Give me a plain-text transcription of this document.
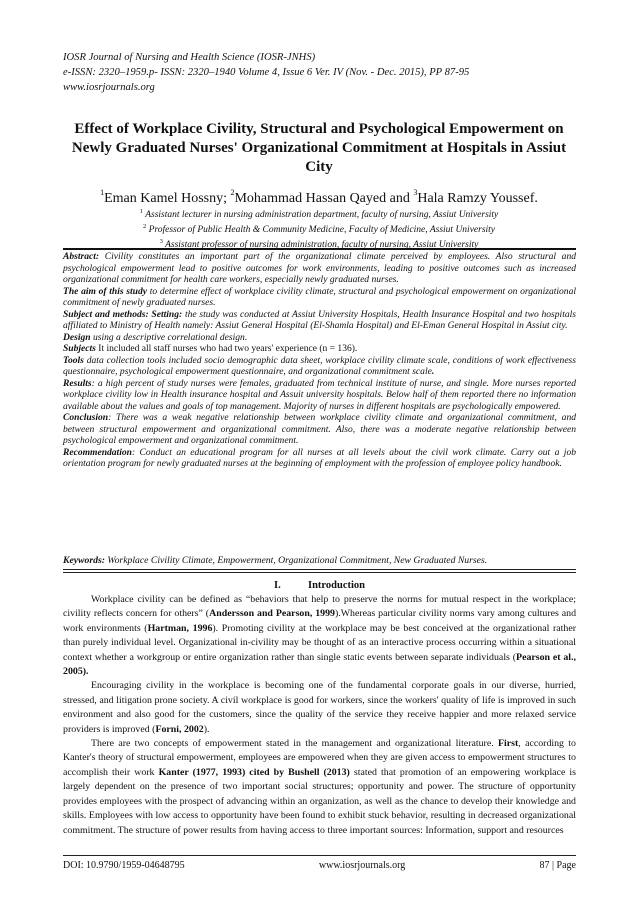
IOSR Journal of Nursing and Health Science (IOSR-JNHS)
e-ISSN: 2320–1959.p- ISSN: 2320–1940 Volume 4, Issue 6 Ver. IV (Nov. - Dec. 2015), PP 87-95
www.iosrjournals.org
Effect of Workplace Civility, Structural and Psychological Empowerment on Newly Graduated Nurses' Organizational Commitment at Hospitals in Assiut City
$^1$Eman Kamel Hossny; $^2$Mohammad Hassan Qayed and $^3$Hala Ramzy Youssef.
$^1$ Assistant lecturer in nursing administration department, faculty of nursing, Assiut University
$^2$ Professor of Public Health & Community Medicine, Faculty of Medicine, Assiut University
$^3$ Assistant professor of nursing administration, faculty of nursing, Assiut University

Abstract: Civility constitutes an important part of the organizational climate perceived by employees. Also structural and psychological empowerment lead to positive outcomes for work environments, leading to positive outcomes such as increased organizational commitment for health care workers, especially newly graduated nurses.

The aim of this study to determine effect of workplace civility climate, structural and psychological empowerment on organizational commitment of newly graduated nurses.

Subject and methods: Setting: the study was conducted at Assiut University Hospitals, Health Insurance Hospital and two hospitals affiliated to Ministry of Health namely: Assiut General Hospital (El-Shamla Hospital) and El-Eman General Hospital in Assiut city.

Design using a descriptive correlational design.

Subjects It included all staff nurses who had two years' experience (n = 136).

Tools data collection tools included socio demographic data sheet, workplace civility climate scale, conditions of work effectiveness questionnaire, psychological empowerment questionnaire, and organizational commitment scale.

Results: a high percent of study nurses were females, graduated from technical institute of nurse, and single. More nurses reported workplace civility low in Health insurance hospital and Assuit university hospitals. Below half of them reported there no information available about the values and goals of top management. Majority of nurses in different hospitals are psychologically empowered.

Conclusion: There was a weak negative relationship between workplace civility climate and organizational commitment, and between structural empowerment and organizational commitment. Also, there was a moderate negative relationship between psychological empowerment and organizational commitment.

Recommendation: Conduct an educational program for all nurses at all levels about the civil work climate. Carry out a job orientation program for newly graduated nurses at the beginning of employment with the profession of employee policy handbook.

Keywords: Workplace Civility Climate, Empowerment, Organizational Commitment, New Graduated Nurses.
I.	Introduction

Workplace civility can be defined as “behaviors that help to preserve the norms for mutual respect in the workplace; civility reflects concern for others” (Andersson and Pearson, 1999).Whereas particular civility norms vary among cultures and work environments (Hartman, 1996). Promoting civility at the workplace may be best conceived at the organizational rather than purely individual level. Organizational in-civility may be thought of as an interactive process occurring within a situational context whether a workgroup or entire organization rather than single static events between separate individuals (Pearson et al., 2005).

Encouraging civility in the workplace is becoming one of the fundamental corporate goals in our diverse, hurried, stressed, and litigation prone society. A civil workplace is good for workers, since the workers' quality of life is improved in such environment and also good for the customers, since the quality of the service they receive happier and more relaxed service providers is improved (Forni, 2002).

There are two concepts of empowerment stated in the management and organizational literature. First, according to Kanter's theory of structural empowerment, employees are empowered when they are given access to empowerment structures to accomplish their work Kanter (1977, 1993) cited by Bushell (2013) stated that promotion of an empowering workplace is largely dependent on the presence of two important social structures; opportunity and power. The structure of opportunity provides employees with the prospect of advancing within an organization, as well as the chance to develop their knowledge and skills. Employees with low access to opportunity have been found to exhibit stuck behavior, resulting in decreased organizational commitment. The structure of power results from having access to three important sources: Information, support and resources

DOI: 10.9790/1959-04648795	www.iosrjournals.org	87 | Page
